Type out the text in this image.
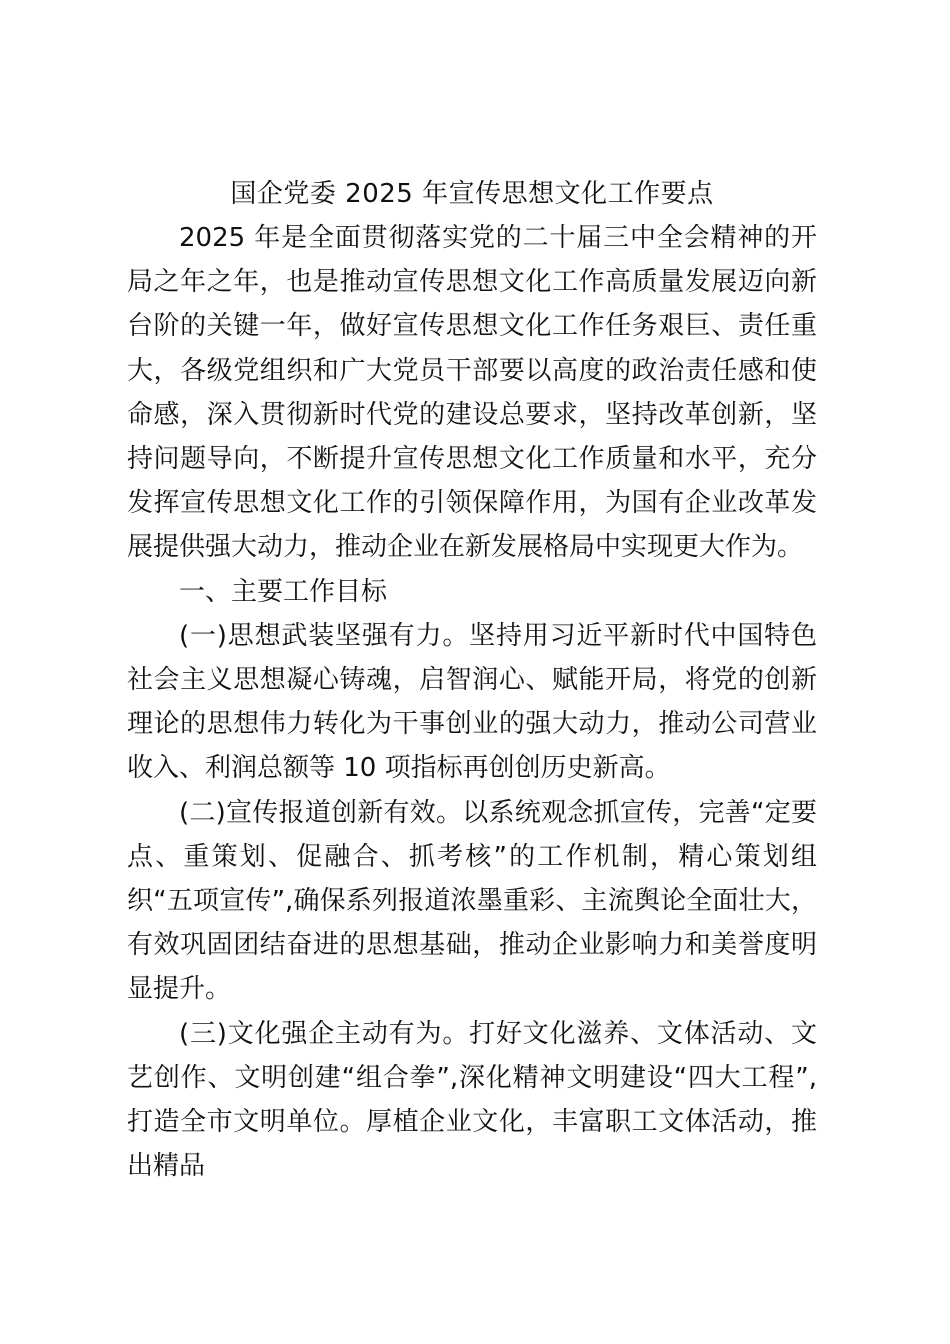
国企党委 2025 年宣传思想文化工作要点

2025 年是全面贯彻落实党的二十届三中全会精神的开局之年之年，也是推动宣传思想文化工作高质量发展迈向新台阶的关键一年，做好宣传思想文化工作任务艰巨、责任重大，各级党组织和广大党员干部要以高度的政治责任感和使命感，深入贯彻新时代党的建设总要求，坚持改革创新，坚持问题导向，不断提升宣传思想文化工作质量和水平，充分发挥宣传思想文化工作的引领保障作用，为国有企业改革发展提供强大动力，推动企业在新发展格局中实现更大作为。

一、主要工作目标

(一)思想武装坚强有力。坚持用习近平新时代中国特色社会主义思想凝心铸魂，启智润心、赋能开局，将党的创新理论的思想伟力转化为干事创业的强大动力，推动公司营业收入、利润总额等 10 项指标再创创历史新高。

(二)宣传报道创新有效。以系统观念抓宣传，完善“定要点、重策划、促融合、抓考核”的工作机制，精心策划组织“五项宣传”,确保系列报道浓墨重彩、主流舆论全面壮大，有效巩固团结奋进的思想基础，推动企业影响力和美誉度明显提升。

(三)文化强企主动有为。打好文化滋养、文体活动、文艺创作、文明创建“组合拳”,深化精神文明建设“四大工程”,打造全市文明单位。厚植企业文化，丰富职工文体活动，推出精品
